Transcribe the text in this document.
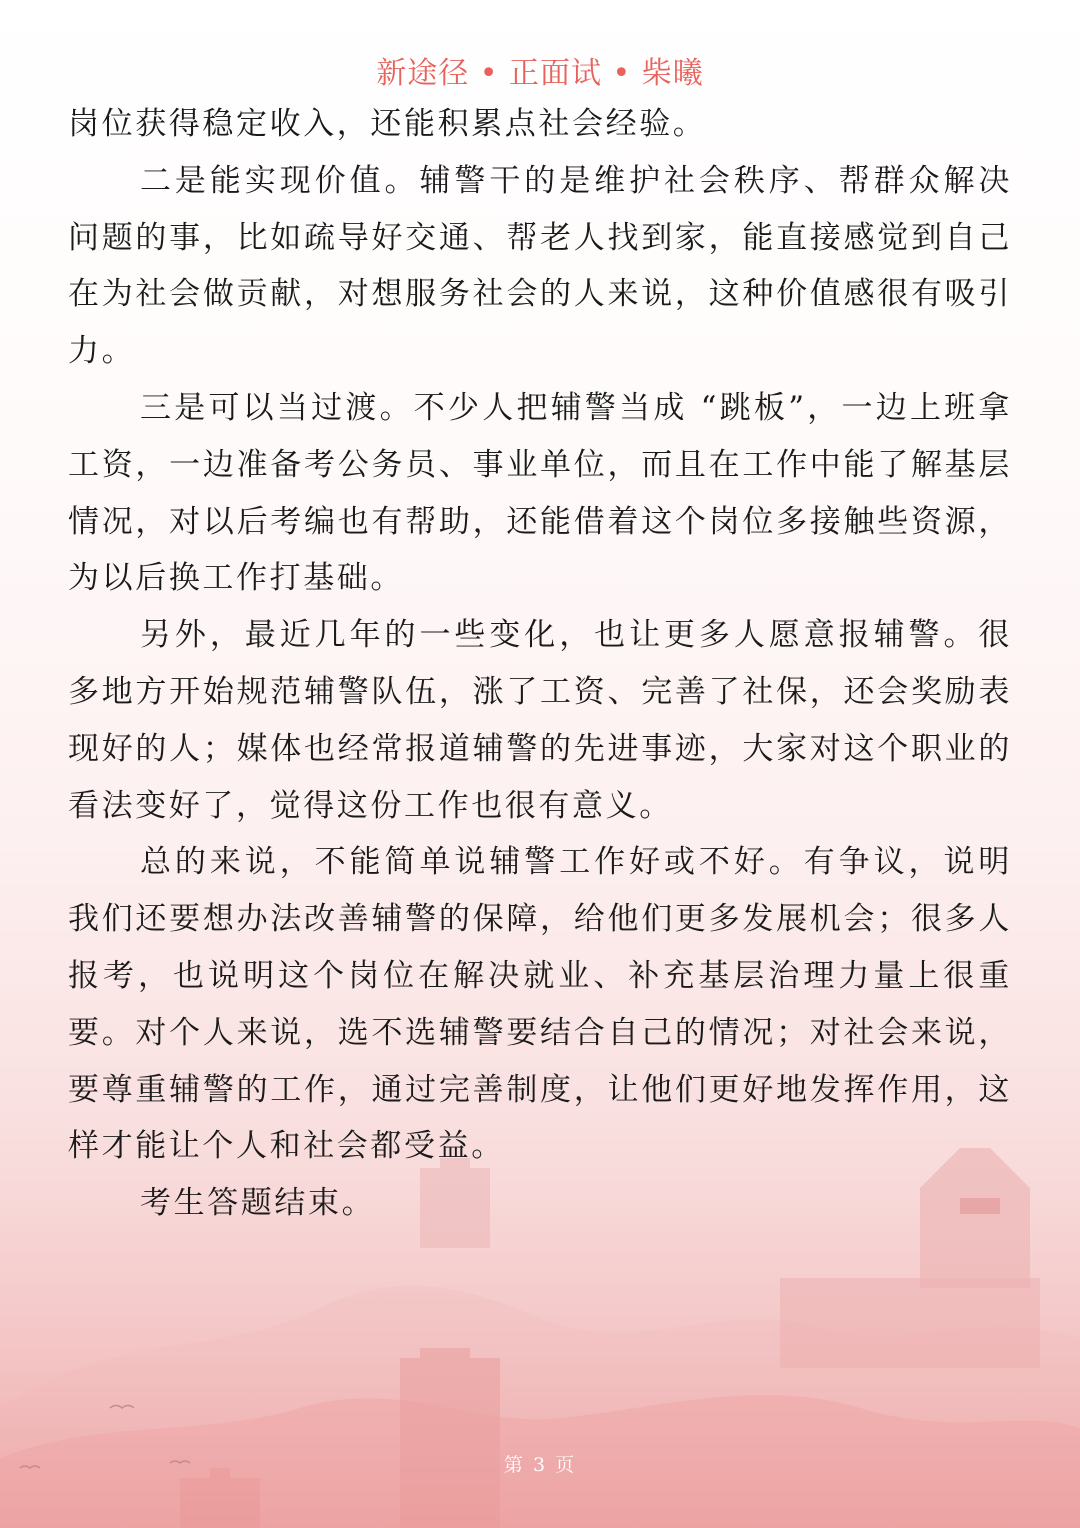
新途径 • 正面试 • 柴曦

岗位获得稳定收入，还能积累点社会经验。

二是能实现价值。辅警干的是维护社会秩序、帮群众解决问题的事，比如疏导好交通、帮老人找到家，能直接感觉到自己在为社会做贡献，对想服务社会的人来说，这种价值感很有吸引力。

三是可以当过渡。不少人把辅警当成 “跳板”，一边上班拿工资，一边准备考公务员、事业单位，而且在工作中能了解基层情况，对以后考编也有帮助，还能借着这个岗位多接触些资源，为以后换工作打基础。

另外，最近几年的一些变化，也让更多人愿意报辅警。很多地方开始规范辅警队伍，涨了工资、完善了社保，还会奖励表现好的人；媒体也经常报道辅警的先进事迹，大家对这个职业的看法变好了，觉得这份工作也很有意义。

总的来说，不能简单说辅警工作好或不好。有争议，说明我们还要想办法改善辅警的保障，给他们更多发展机会；很多人报考，也说明这个岗位在解决就业、补充基层治理力量上很重要。对个人来说，选不选辅警要结合自己的情况；对社会来说，要尊重辅警的工作，通过完善制度，让他们更好地发挥作用，这样才能让个人和社会都受益。

考生答题结束。

第 3 页
